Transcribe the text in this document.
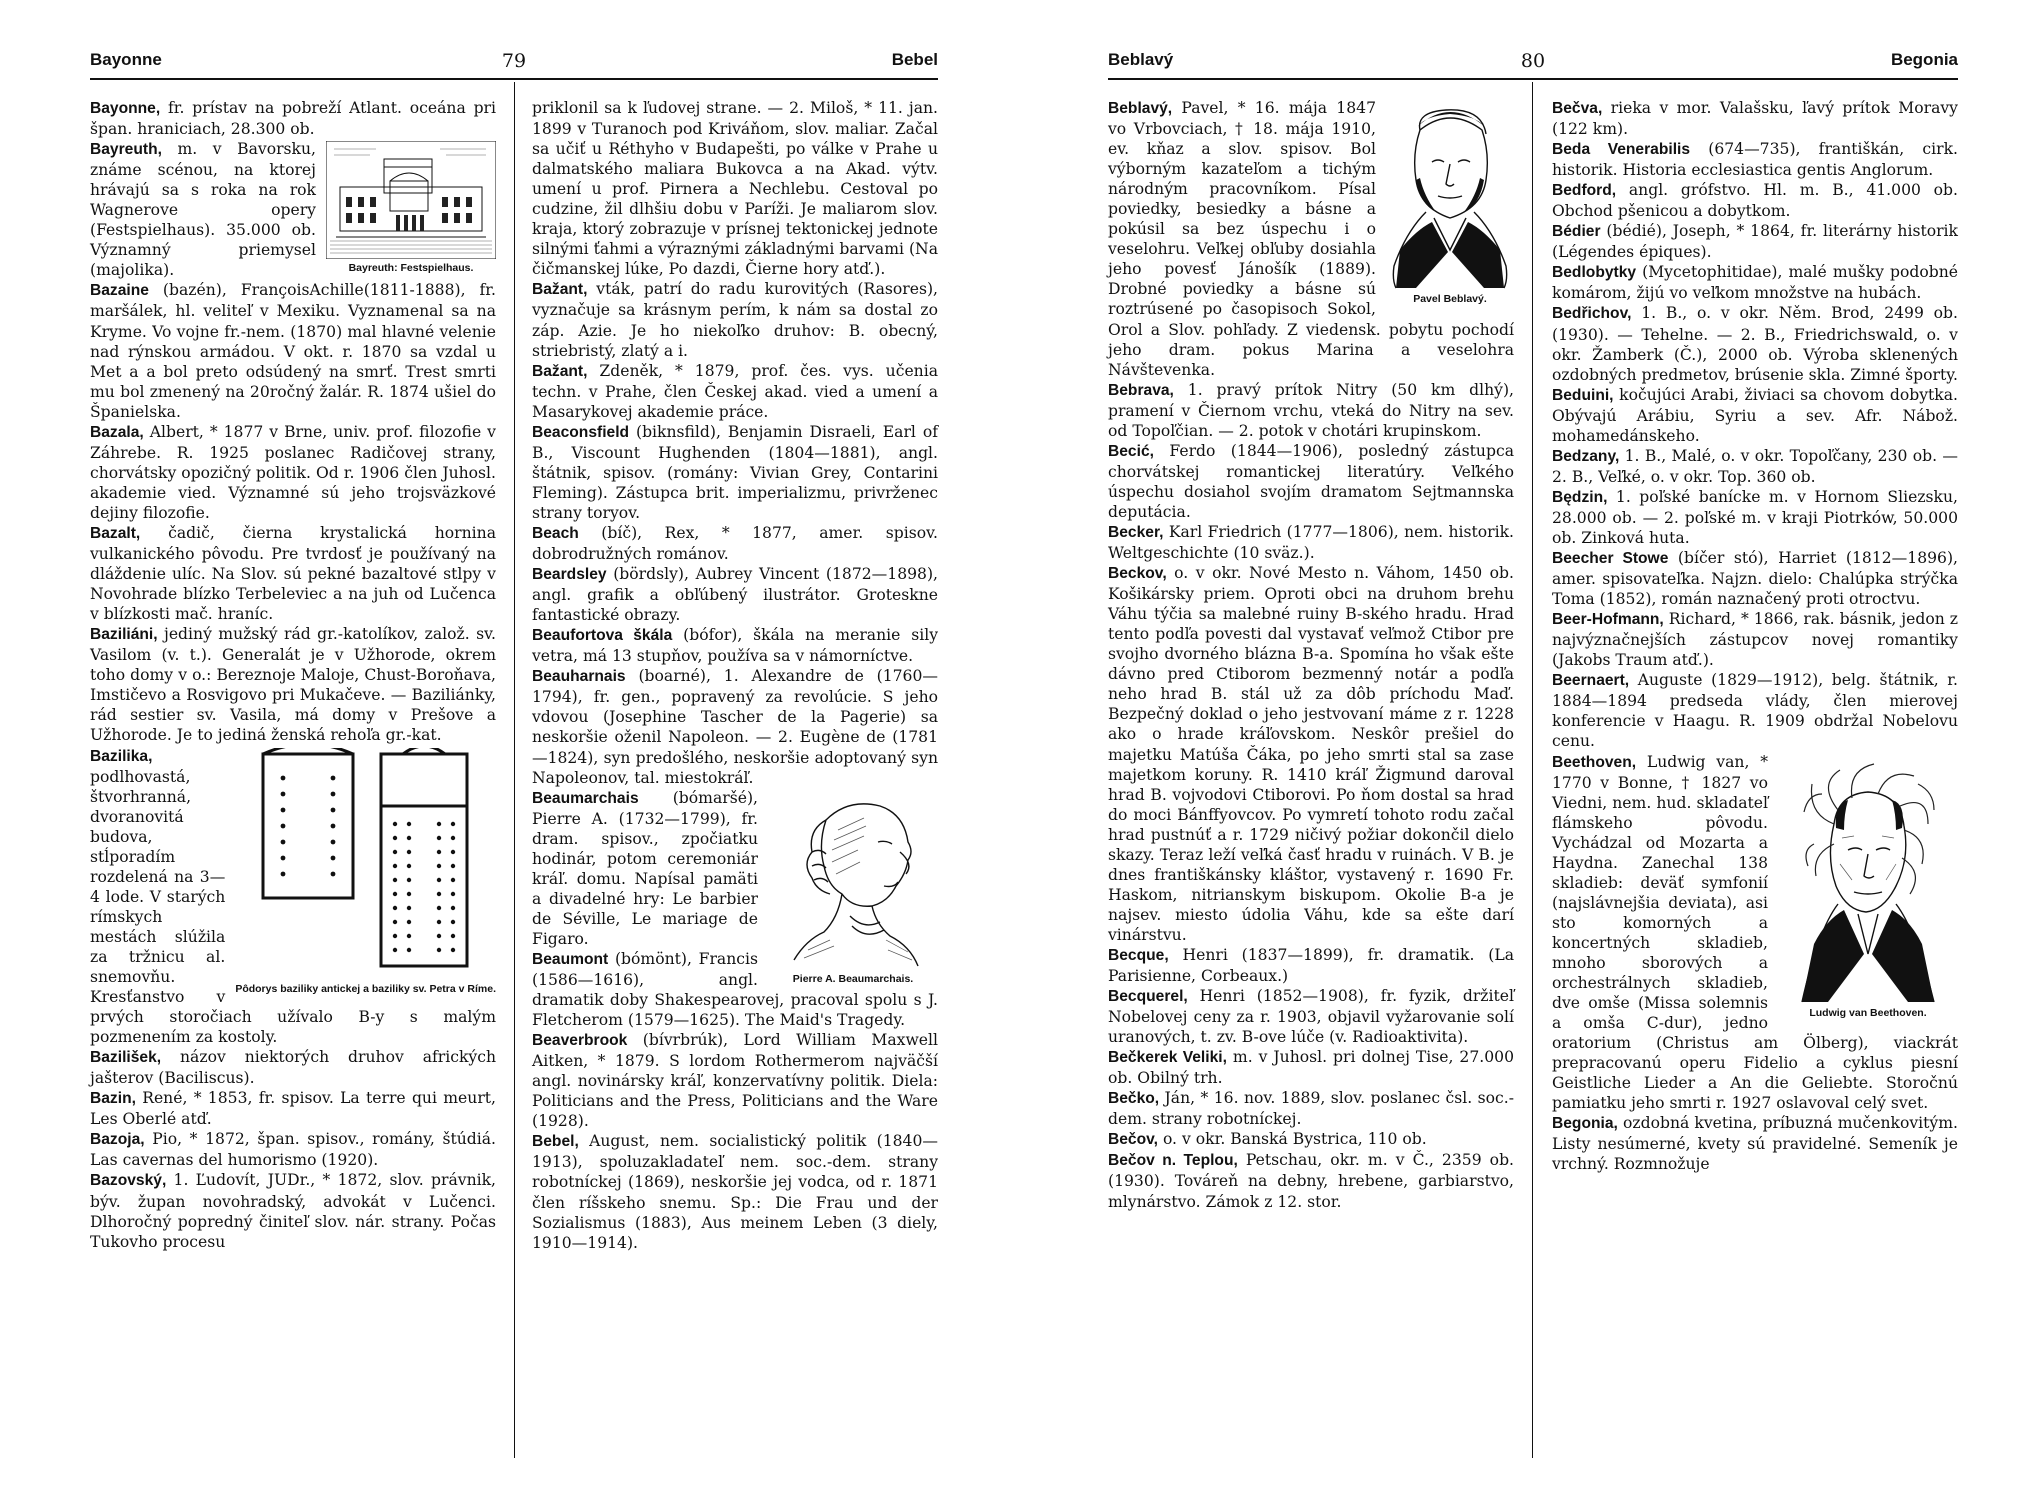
Bayonne	79	Bebel

Bayonne, fr. prístav na pobreží Atlant. oceána pri špan. hraniciach, 28.300 ob.

Bayreuth: Festspielhaus.

Bayreuth, m. v Bavorsku, známe scénou, na ktorej hrávajú sa s roka na rok Wagnerove opery (Festspielhaus). 35.000 ob. Významný priemysel (majolika).

Bazaine (bazén), FrançoisAchille(1811-1888), fr. maršálek, hl. veliteľ v Mexiku. Vyznamenal sa na Kryme. Vo vojne fr.-nem. (1870) mal hlavné velenie nad rýnskou armádou. V okt. r. 1870 sa vzdal u Met a a bol preto odsúdený na smrť. Trest smrti mu bol zmenený na 20ročný žalár. R. 1874 ušiel do Španielska.

Bazala, Albert, * 1877 v Brne, univ. prof. filozofie v Záhrebe. R. 1925 poslanec Radičovej strany, chorvátsky opozičný politik. Od r. 1906 člen Juhosl. akademie vied. Významné sú jeho trojsväzkové dejiny filozofie.

Bazalt, čadič, čierna krystalická hornina vulkanického pôvodu. Pre tvrdosť je používaný na dláždenie ulíc. Na Slov. sú pekné bazaltové stlpy v Novohrade blízko Terbeleviec a na juh od Lučenca v blízkosti mač. hraníc.

Baziliáni, jediný mužský rád gr.-katolíkov, založ. sv. Vasilom (v. t.). Generalát je v Užhorode, okrem toho domy v o.: Bereznoje Maloje, Chust-Boroňava, Imstičevo a Rosvigovo pri Mukačeve. — Baziliánky, rád sestier sv. Vasila, má domy v Prešove a Užhorode. Je to jediná ženská rehoľa gr.-kat.

Pôdorys baziliky antickej a baziliky sv. Petra v Ríme.

Bazilika, podlhovastá, štvorhranná, dvoranovitá budova, stĺporadím rozdelená na 3—4 lode. V starých rímskych mestách slúžila za tržnicu al. snemovňu. Kresťanstvo v prvých storočiach užívalo B-y s malým pozmenením za kostoly.

Bazilišek, názov niektorých druhov afrických jašterov (Baciliscus).

Bazin, René, * 1853, fr. spisov. La terre qui meurt, Les Oberlé atď.

Bazoja, Pio, * 1872, špan. spisov., romány, štúdiá. Las cavernas del humorismo (1920).

Bazovský, 1. Ľudovít, JUDr., * 1872, slov. právnik, býv. župan novohradský, advokát v Lučenci. Dlhoročný popredný činiteľ slov. nár. strany. Počas Tukovho procesu

priklonil sa k ľudovej strane. — 2. Miloš, * 11. jan. 1899 v Turanoch pod Kriváňom, slov. maliar. Začal sa učiť u Réthyho v Budapešti, po válke v Prahe u dalmatského maliara Bukovca a na Akad. výtv. umení u prof. Pirnera a Nechlebu. Cestoval po cudzine, žil dlhšiu dobu v Paríži. Je maliarom slov. kraja, ktorý zobrazuje v prísnej tektonickej jednote silnými ťahmi a výraznými základnými barvami (Na čičmanskej lúke, Po dazdi, Čierne hory atď.).

Bažant, vták, patrí do radu kurovitých (Rasores), vyznačuje sa krásnym perím, k nám sa dostal zo záp. Azie. Je ho niekoľko druhov: B. obecný, striebristý, zlatý a i.

Bažant, Zdeněk, * 1879, prof. čes. vys. učenia techn. v Prahe, člen Českej akad. vied a umení a Masarykovej akademie práce.

Beaconsfield (biknsfild), Benjamin Disraeli, Earl of B., Viscount Hughenden (1804—1881), angl. štátnik, spisov. (romány: Vivian Grey, Contarini Fleming). Zástupca brit. imperializmu, privrženec strany toryov.

Beach (bíč), Rex, * 1877, amer. spisov. dobrodružných románov.

Beardsley (bördsly), Aubrey Vincent (1872—1898), angl. grafik a obľúbený ilustrátor. Groteskne fantastické obrazy.

Beaufortova škála (bófor), škála na meranie sily vetra, má 13 stupňov, používa sa v námorníctve.

Beauharnais (boarné), 1. Alexandre de (1760—1794), fr. gen., popravený za revolúcie. S jeho vdovou (Josephine Tascher de la Pagerie) sa neskoršie oženil Napoleon. — 2. Eugène de (1781—1824), syn predošlého, neskoršie adoptovaný syn Napoleonov, tal. miestokráľ.

Pierre A. Beaumarchais.

Beaumarchais (bómaršé), Pierre A. (1732—1799), fr. dram. spisov., zpočiatku hodinár, potom ceremoniár kráľ. domu. Napísal pamäti a divadelné hry: Le barbier de Séville, Le mariage de Figaro.

Beaumont (bómönt), Francis (1586—1616), angl. dramatik doby Shakespearovej, pracoval spolu s J. Fletcherom (1579—1625). The Maid's Tragedy.

Beaverbrook (bívrbrúk), Lord William Maxwell Aitken, * 1879. S lordom Rothermerom najväčší angl. novinársky kráľ, konzervatívny politik. Diela: Politicians and the Press, Politicians and the Ware (1928).

Bebel, August, nem. socialistický politik (1840—1913), spoluzakladateľ nem. soc.-dem. strany robotníckej (1869), neskoršie jej vodca, od r. 1871 člen ríšskeho snemu. Sp.: Die Frau und der Sozialismus (1883), Aus meinem Leben (3 diely, 1910—1914).

Beblavý	80	Begonia
Pavel Beblavý.

Beblavý, Pavel, * 16. mája 1847 vo Vrbovciach, † 18. mája 1910, ev. kňaz a slov. spisov. Bol výborným kazateľom a tichým národným pracovníkom. Písal poviedky, besiedky a básne a pokúsil sa bez úspechu i o veselohru. Veľkej obľuby dosiahla jeho povesť Jánošík (1889). Drobné poviedky a básne sú roztrúsené po časopisoch Sokol, Orol a Slov. pohľady. Z viedensk. pobytu pochodí jeho dram. pokus Marina a veselohra Návštevenka.

Bebrava, 1. pravý prítok Nitry (50 km dlhý), pramení v Čiernom vrchu, vteká do Nitry na sev. od Topoľčian. — 2. potok v chotári krupinskom.

Becić, Ferdo (1844—1906), posledný zástupca chorvátskej romantickej literatúry. Veľkého úspechu dosiahol svojím dramatom Sejtmannska deputácia.

Becker, Karl Friedrich (1777—1806), nem. historik. Weltgeschichte (10 sväz.).

Beckov, o. v okr. Nové Mesto n. Váhom, 1450 ob. Košikársky priem. Oproti obci na druhom brehu Váhu týčia sa malebné ruiny B-ského hradu. Hrad tento podľa povesti dal vystavať veľmož Ctibor pre svojho dvorného blázna B-a. Spomína ho však ešte dávno pred Ctiborom bezmenný notár a podľa neho hrad B. stál už za dôb príchodu Maď. Bezpečný doklad o jeho jestvovaní máme z r. 1228 ako o hrade kráľovskom. Neskôr prešiel do majetku Matúša Čáka, po jeho smrti stal sa zase majetkom koruny. R. 1410 kráľ Žigmund daroval hrad B. vojvodovi Ctiborovi. Po ňom dostal sa hrad do moci Bánffyovcov. Po vymretí tohoto rodu začal hrad pustnúť a r. 1729 ničivý požiar dokončil dielo skazy. Teraz leží veľká časť hradu v ruinách. V B. je dnes františkánsky kláštor, vystavený r. 1690 Fr. Haskom, nitrianskym biskupom. Okolie B-a je najsev. miesto údolia Váhu, kde sa ešte darí vinárstvu.

Becque, Henri (1837—1899), fr. dramatik. (La Parisienne, Corbeaux.)

Becquerel, Henri (1852—1908), fr. fyzik, držiteľ Nobelovej ceny za r. 1903, objavil vyžarovanie solí uranových, t. zv. B-ove lúče (v. Radioaktivita).

Bečkerek Veliki, m. v Juhosl. pri dolnej Tise, 27.000 ob. Obilný trh.

Bečko, Ján, * 16. nov. 1889, slov. poslanec čsl. soc.-dem. strany robotníckej.

Bečov, o. v okr. Banská Bystrica, 110 ob.

Bečov n. Teplou, Petschau, okr. m. v Č., 2359 ob. (1930). Továreň na debny, hrebene, garbiarstvo, mlynárstvo. Zámok z 12. stor.

Bečva, rieka v mor. Valašsku, ľavý prítok Moravy (122 km).

Beda Venerabilis (674—735), františkán, cirk. historik. Historia ecclesiastica gentis Anglorum.

Bedford, angl. grófstvo. Hl. m. B., 41.000 ob. Obchod pšenicou a dobytkom.

Bédier (bédié), Joseph, * 1864, fr. literárny historik (Légendes épiques).

Bedlobytky (Mycetophitidae), malé mušky podobné komárom, žijú vo veľkom množstve na hubách.

Bedřichov, 1. B., o. v okr. Něm. Brod, 2499 ob. (1930). — Tehelne. — 2. B., Friedrichswald, o. v okr. Žamberk (Č.), 2000 ob. Výroba sklenených ozdobných predmetov, brúsenie skla. Zimné športy.

Beduini, kočujúci Arabi, živiaci sa chovom dobytka. Obývajú Arábiu, Syriu a sev. Afr. Nábož. mohamedánskeho.

Bedzany, 1. B., Malé, o. v okr. Topoľčany, 230 ob. — 2. B., Veľké, o. v okr. Top. 360 ob.

Będzin, 1. poľské banícke m. v Hornom Sliezsku, 28.000 ob. — 2. poľské m. v kraji Piotrków, 50.000 ob. Zinková huta.

Beecher Stowe (bíčer stó), Harriet (1812—1896), amer. spisovateľka. Najzn. dielo: Chalúpka strýčka Toma (1852), román naznačený proti otroctvu.

Beer-Hofmann, Richard, * 1866, rak. básnik, jedon z najvýznačnejších zástupcov novej romantiky (Jakobs Traum atď.).

Beernaert, Auguste (1829—1912), belg. štátnik, r. 1884—1894 predseda vlády, člen mierovej konferencie v Haagu. R. 1909 obdržal Nobelovu cenu.

Ludwig van Beethoven.

Beethoven, Ludwig van, * 1770 v Bonne, † 1827 vo Viedni, nem. hud. skladateľ flámskeho pôvodu. Vychádzal od Mozarta a Haydna. Zanechal 138 skladieb: deväť symfonií (najslávnejšia deviata), asi sto komorných a koncertných skladieb, mnoho sborových a orchestrálnych skladieb, dve omše (Missa solemnis a omša C-dur), jedno oratorium (Christus am Ölberg), viackrát prepracovanú operu Fidelio a cyklus piesní Geistliche Lieder a An die Geliebte. Storočnú pamiatku jeho smrti r. 1927 oslavoval celý svet.

Begonia, ozdobná kvetina, príbuzná mučenkovitým. Listy nesúmerné, kvety sú pravidelné. Semeník je vrchný. Rozmnožuje
